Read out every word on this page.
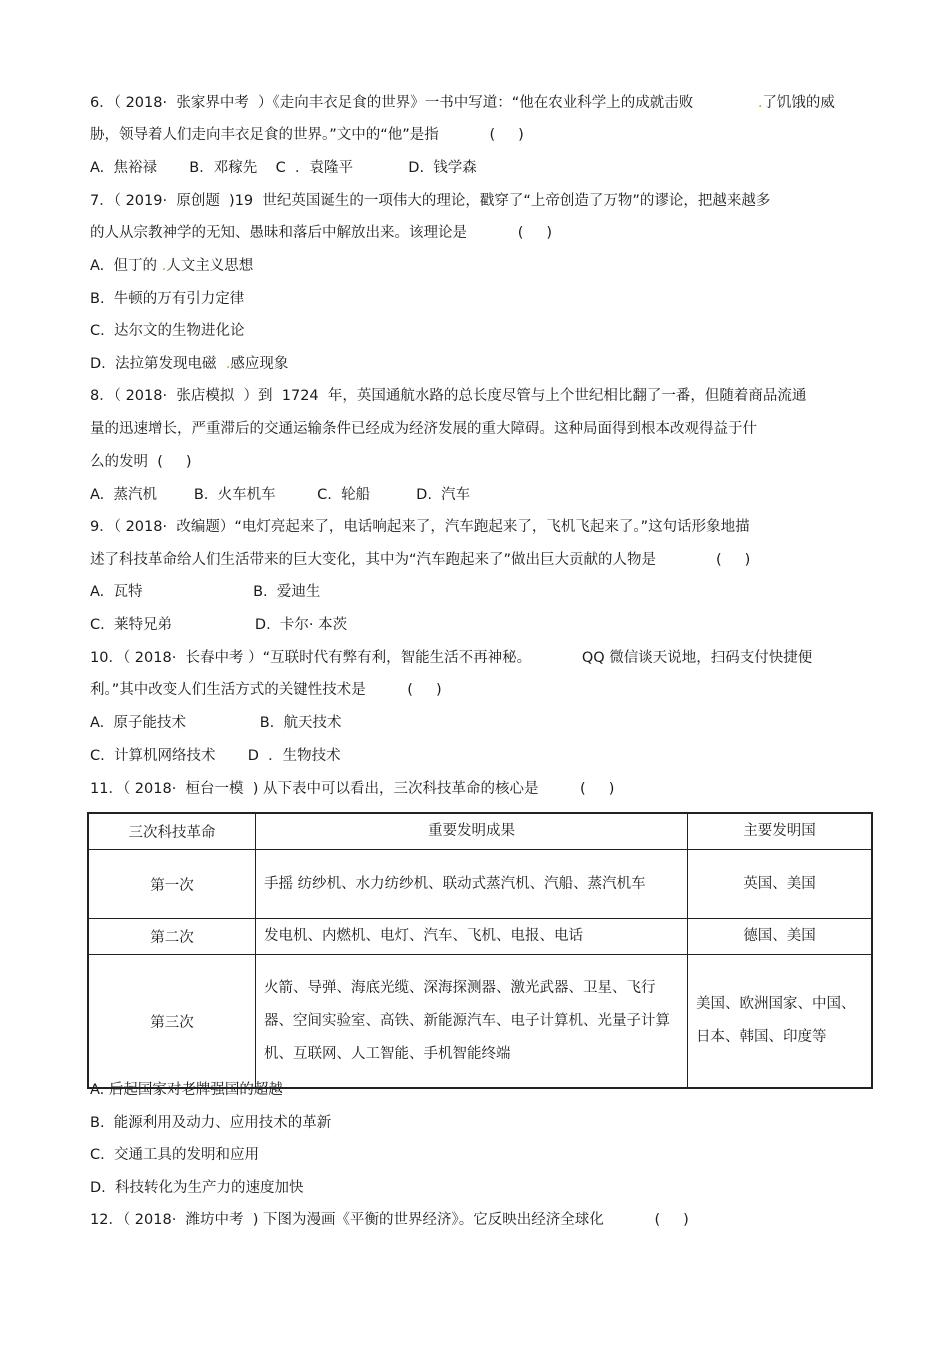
6．（ 2018·  张家界中考  ）《走向丰衣足食的世界》一书中写道：“他在农业科学上的成就击败              .了饥饿的威
胁，领导着人们走向丰衣足食的世界。”文中的“他”是指           (     )
A.  焦裕禄       B．邓稼先    C  ．袁隆平            D.  钱学森
7．（ 2019·  原创题  )19  世纪英国诞生的一项伟大的理论，戳穿了“上帝创造了万物”的谬论，把越来越多
的人从宗教神学的无知、愚昧和落后中解放出来。该理论是           (     )
A.  但丁的 .人文主义思想
B.  牛顿的万有引力定律
C.  达尔文的生物进化论
D.  法拉第发现电磁  .感应现象
8．（ 2018·  张店模拟  ）到  1724  年，英国通航水路的总长度尽管与上个世纪相比翻了一番，但随着商品流通
量的迅速增长，严重滞后的交通运输条件已经成为经济发展的重大障碍。这种局面得到根本改观得益于什
么的发明  (     )
A.  蒸汽机        B.  火车机车         C.  轮船          D.  汽车
9．（ 2018·  改编题）“电灯亮起来了，电话响起来了，汽车跑起来了，飞机飞起来了。”这句话形象地描
述了科技革命给人们生活带来的巨大变化，其中为“汽车跑起来了”做出巨大贡献的人物是             (     )
A.  瓦特                        B.  爱迪生
C.  莱特兄弟                  D.  卡尔· 本茨
10．（ 2018·  长春中考 ）“互联时代有弊有利，智能生活不再神秘。           QQ 微信谈天说地，扫码支付快捷便
利。”其中改变人们生活方式的关键性技术是         (     )
A.  原子能技术                B.  航天技术
C.  计算机网络技术       D  ．生物技术
11．（ 2018·  桓台一模  ) 从下表中可以看出，三次科技革命的核心是         (     )
A. 后起国家对老牌强国的超越
B.  能源利用及动力、应用技术的革新
C.  交通工具的发明和应用
D.  科技转化为生产力的速度加快
12．（ 2018·  潍坊中考  ) 下图为漫画《平衡的世界经济》。它反映出经济全球化           (     )
三次科技革命	重要发明成果	主要发明国
第一次	手摇 纺纱机、水力纺纱机、联动式蒸汽机、汽船、蒸汽机车	英国、美国
第二次	发电机、内燃机、电灯、汽车、飞机、电报、电话	德国、美国
第三次	火箭、导弹、海底光缆、深海探测器、激光武器、卫星、飞行器、空间实验室、高铁、新能源汽车、电子计算机、光量子计算机、互联网、人工智能、手机智能终端	美国、欧洲国家、中国、日本、韩国、印度等
